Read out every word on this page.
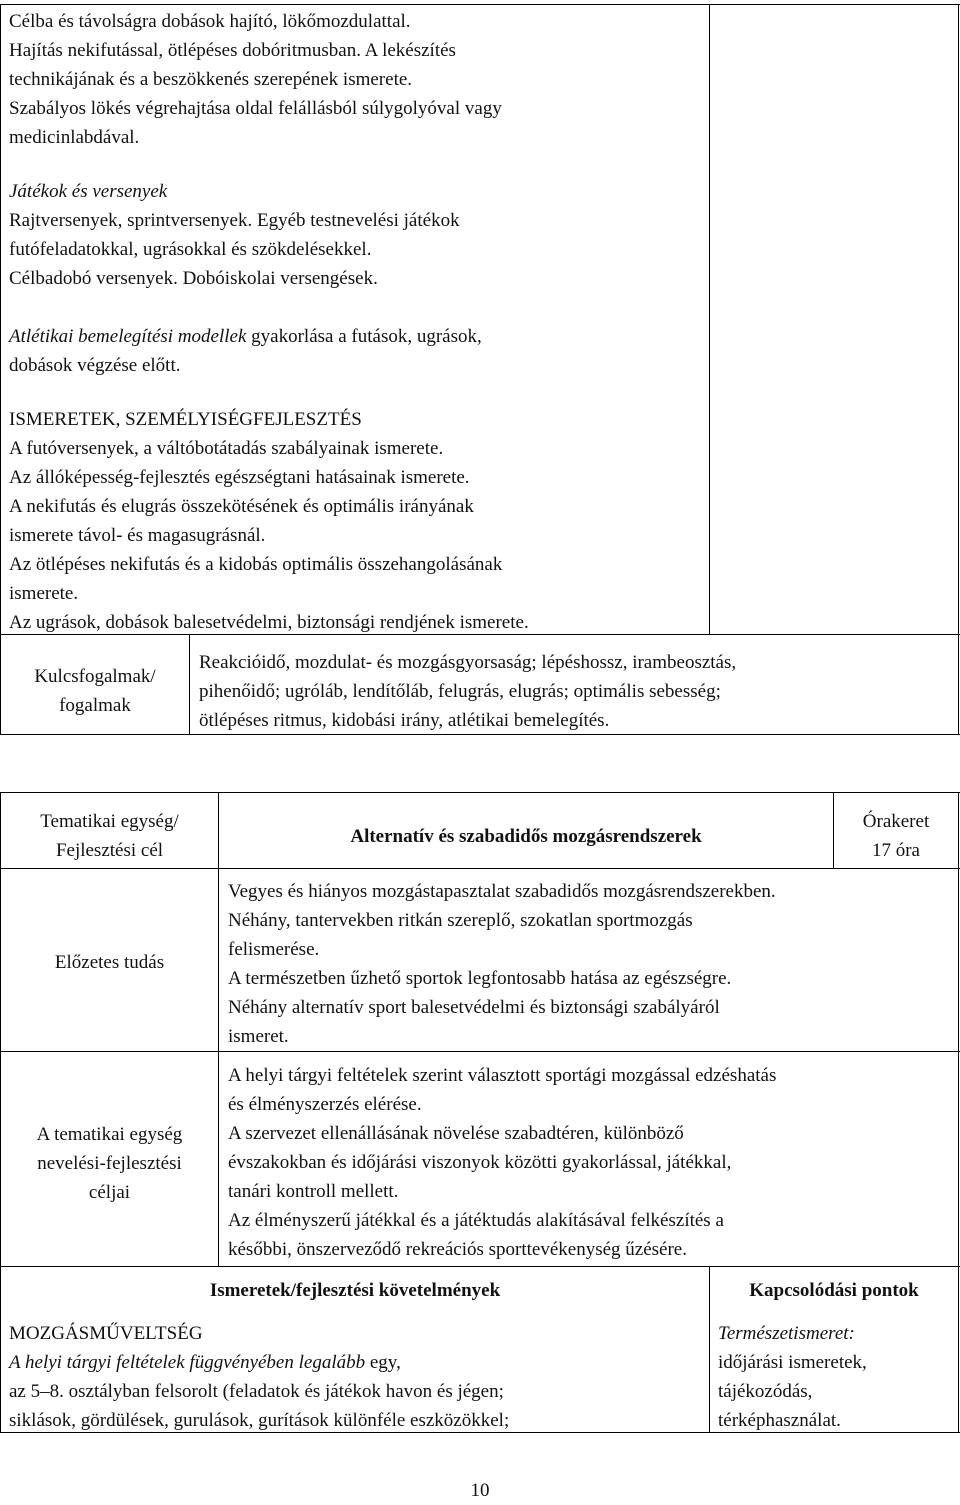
Célba és távolságra dobások hajító, lökőmozdulattal.

Hajítás nekifutással, ötlépéses dobóritmusban. A lekészítés

technikájának és a beszökkenés szerepének ismerete.

Szabályos lökés végrehajtása oldal felállásból súlygolyóval vagy

medicinlabdával.

Játékok és versenyek

Rajtversenyek, sprintversenyek. Egyéb testnevelési játékok

futófeladatokkal, ugrásokkal és szökdelésekkel.

Célbadobó versenyek. Dobóiskolai versengések.

Atlétikai bemelegítési modellek gyakorlása a futások, ugrások,

dobások végzése előtt.

ISMERETEK, SZEMÉLYISÉGFEJLESZTÉS

A futóversenyek, a váltóbotátadás szabályainak ismerete.

Az állóképesség-fejlesztés egészségtani hatásainak ismerete.

A nekifutás és elugrás összekötésének és optimális irányának

ismerete távol- és magasugrásnál.

Az ötlépéses nekifutás és a kidobás optimális összehangolásának

ismerete.

Az ugrások, dobások balesetvédelmi, biztonsági rendjének ismerete.

Kulcsfogalmak/

fogalmak

Reakcióidő, mozdulat- és mozgásgyorsaság; lépéshossz, irambeosztás,

pihenőidő; ugróláb, lendítőláb, felugrás, elugrás; optimális sebesség;

ötlépéses ritmus, kidobási irány, atlétikai bemelegítés.

Tematikai egység/

Fejlesztési cél

Alternatív és szabadidős mozgásrendszerek

Órakeret

17 óra

Előzetes tudás

Vegyes és hiányos mozgástapasztalat szabadidős mozgásrendszerekben.

Néhány, tantervekben ritkán szereplő, szokatlan sportmozgás

felismerése.

A természetben űzhető sportok legfontosabb hatása az egészségre.

Néhány alternatív sport balesetvédelmi és biztonsági szabályáról

ismeret.

A tematikai egység

nevelési-fejlesztési

céljai

A helyi tárgyi feltételek szerint választott sportági mozgással edzéshatás

és élményszerzés elérése.

A szervezet ellenállásának növelése szabadtéren, különböző

évszakokban és időjárási viszonyok közötti gyakorlással, játékkal,

tanári kontroll mellett.

Az élményszerű játékkal és a játéktudás alakításával felkészítés a

későbbi, önszerveződő rekreációs sporttevékenység űzésére.

Ismeretek/fejlesztési követelmények	Kapcsolódási pontok

MOZGÁSMŰVELTSÉG

A helyi tárgyi feltételek függvényében legalább egy,

az 5–8. osztályban felsorolt (feladatok és játékok havon és jégen;

siklások, gördülések, gurulások, gurítások különféle eszközökkel;

Természetismeret:

időjárási ismeretek,

tájékozódás,

térképhasználat.

10
